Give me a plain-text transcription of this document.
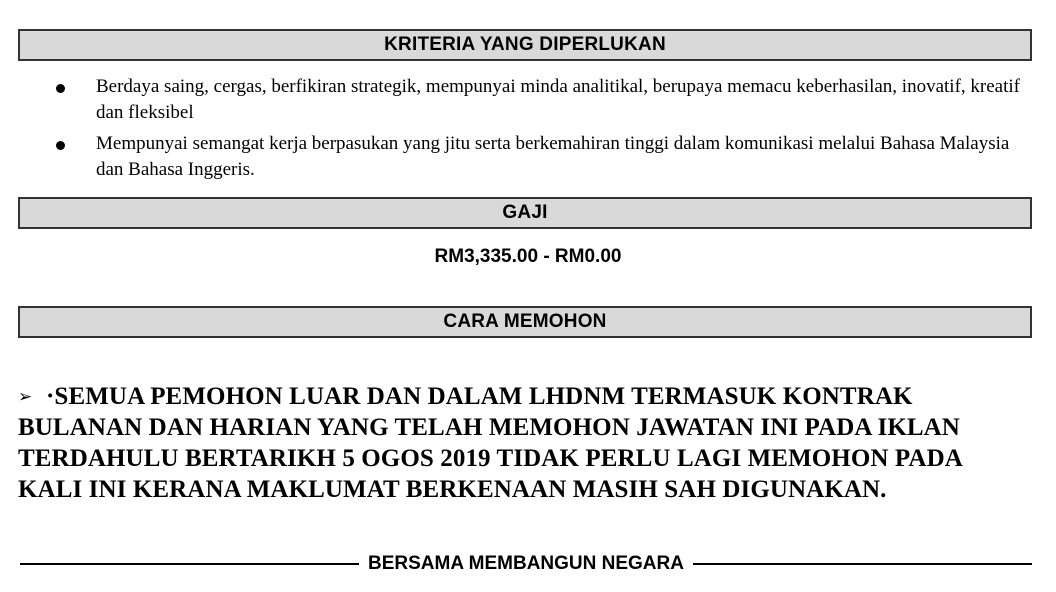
KRITERIA YANG DIPERLUKAN
Berdaya saing, cergas, berfikiran strategik, mempunyai minda analitikal, berupaya memacu keberhasilan, inovatif, kreatif dan fleksibel
Mempunyai semangat kerja berpasukan yang jitu serta berkemahiran tinggi dalam komunikasi melalui Bahasa Malaysia dan Bahasa Inggeris.
GAJI
RM3,335.00 - RM0.00
CARA MEMOHON
➢ ·SEMUA PEMOHON LUAR DAN DALAM LHDNM TERMASUK KONTRAK BULANAN DAN HARIAN YANG TELAH MEMOHON JAWATAN INI PADA IKLAN TERDAHULU BERTARIKH 5 OGOS 2019 TIDAK PERLU LAGI MEMOHON PADA KALI INI KERANA MAKLUMAT BERKENAAN MASIH SAH DIGUNAKAN.
BERSAMA MEMBANGUN NEGARA
